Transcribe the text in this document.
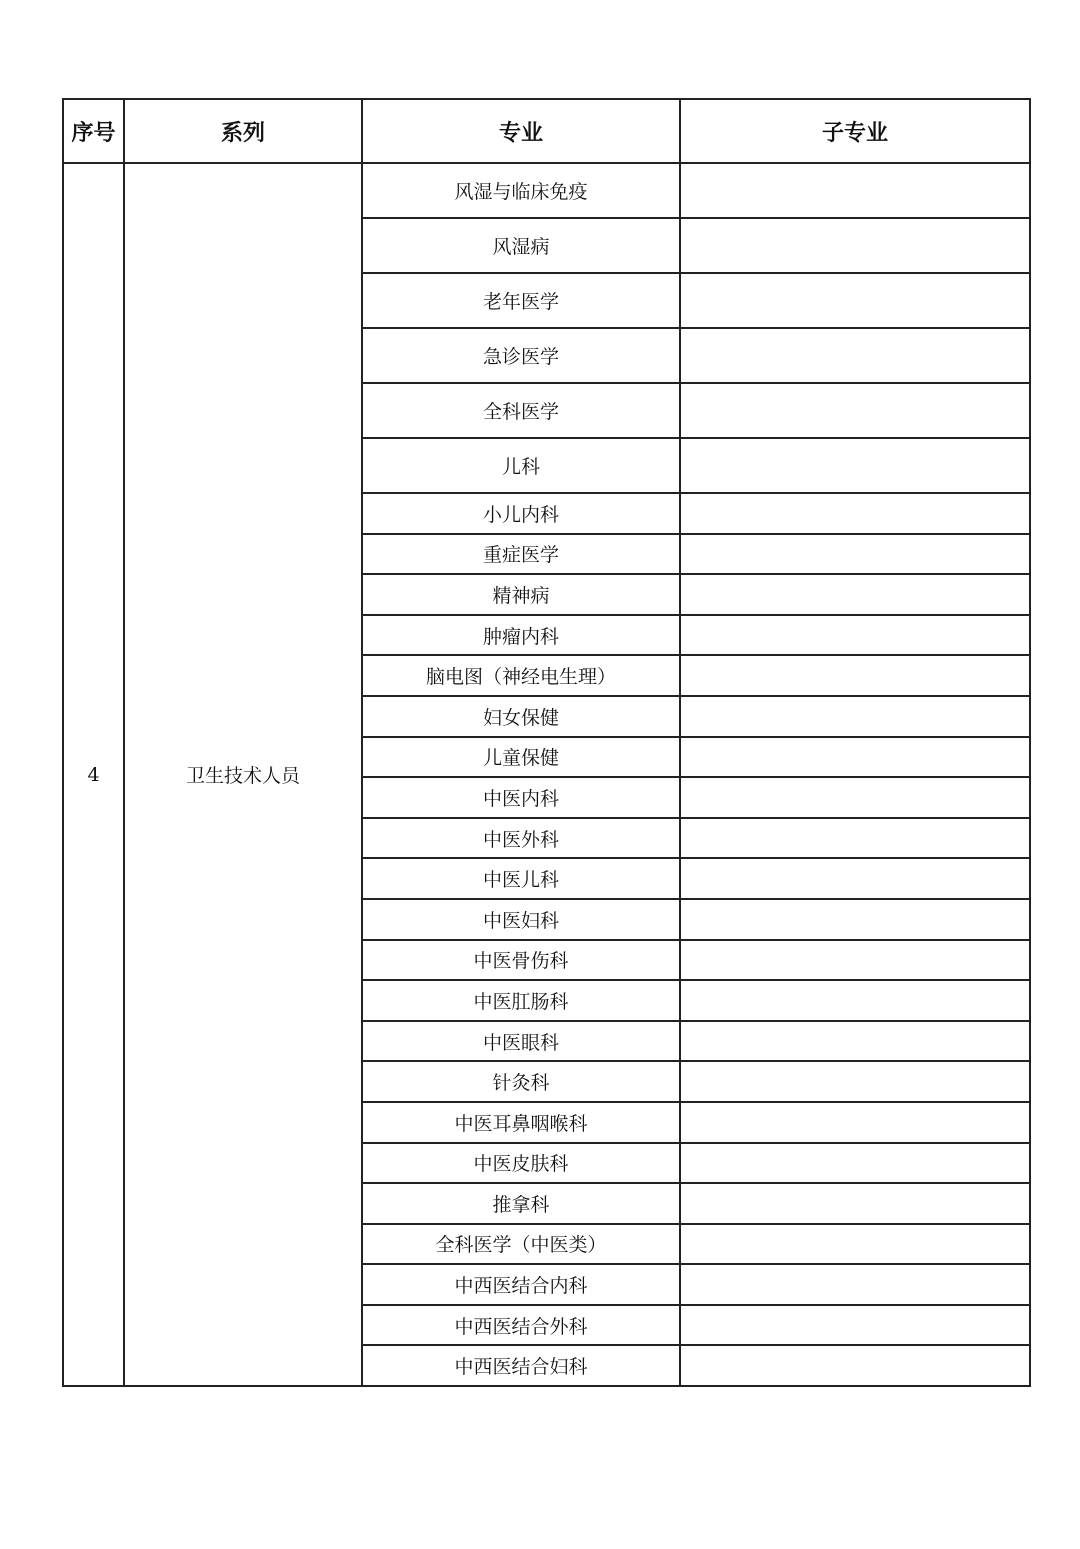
序号	系列	专业	子专业
4	卫生技术人员	风湿与临床免疫	
		风湿病	
		老年医学	
		急诊医学	
		全科医学	
		儿科	
		小儿内科	
		重症医学	
		精神病	
		肿瘤内科	
		脑电图（神经电生理）	
		妇女保健	
		儿童保健	
		中医内科	
		中医外科	
		中医儿科	
		中医妇科	
		中医骨伤科	
		中医肛肠科	
		中医眼科	
		针灸科	
		中医耳鼻咽喉科	
		中医皮肤科	
		推拿科	
		全科医学（中医类）	
		中西医结合内科	
		中西医结合外科	
		中西医结合妇科	
